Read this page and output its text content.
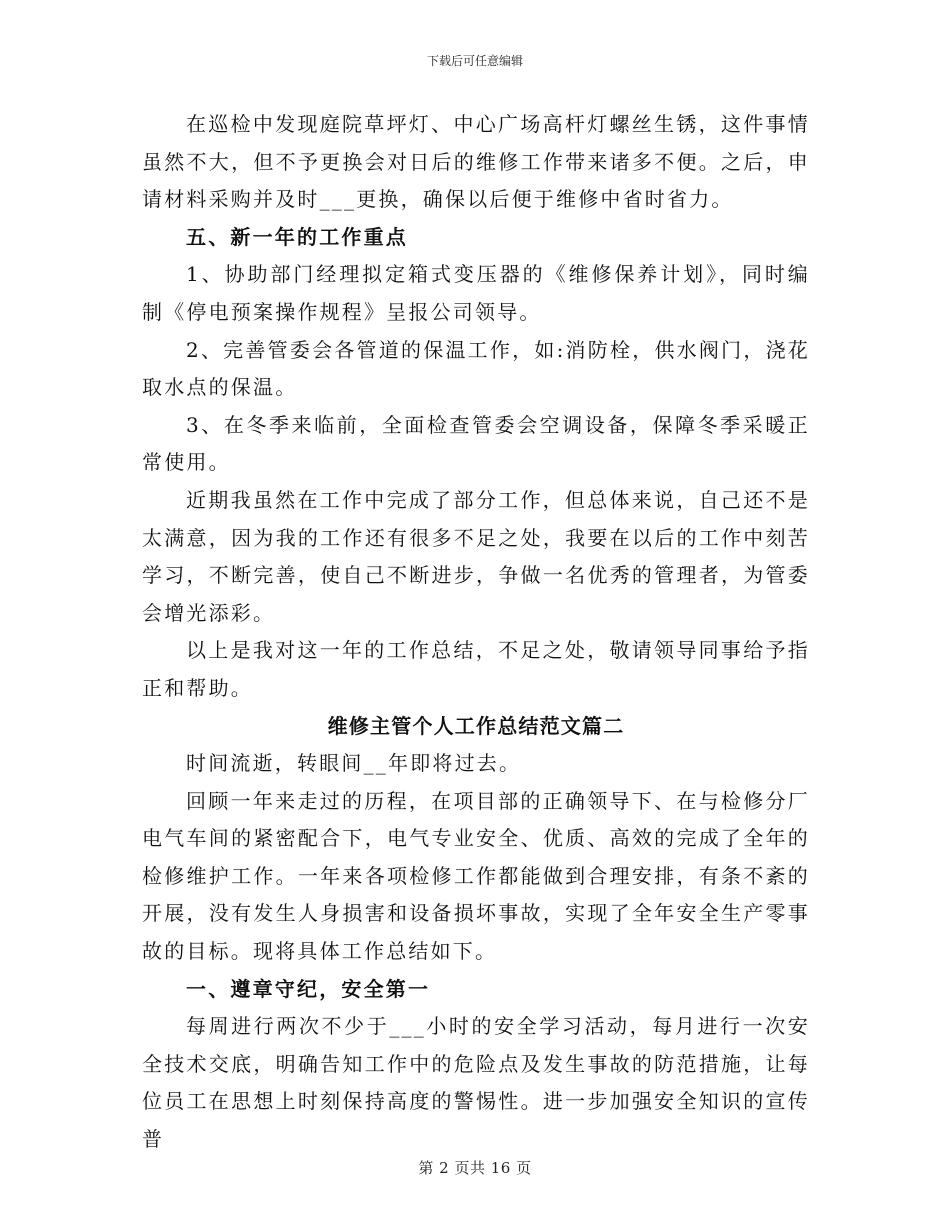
下载后可任意编辑

在巡检中发现庭院草坪灯、中心广场高杆灯螺丝生锈，这件事情虽然不大，但不予更换会对日后的维修工作带来诸多不便。之后，申请材料采购并及时___更换，确保以后便于维修中省时省力。

五、新一年的工作重点

1、协助部门经理拟定箱式变压器的《维修保养计划》，同时编制《停电预案操作规程》呈报公司领导。

2、完善管委会各管道的保温工作，如:消防栓，供水阀门，浇花取水点的保温。

3、在冬季来临前，全面检查管委会空调设备，保障冬季采暖正常使用。

近期我虽然在工作中完成了部分工作，但总体来说，自己还不是太满意，因为我的工作还有很多不足之处，我要在以后的工作中刻苦学习，不断完善，使自己不断进步，争做一名优秀的管理者，为管委会增光添彩。

以上是我对这一年的工作总结，不足之处，敬请领导同事给予指正和帮助。

维修主管个人工作总结范文篇二

时间流逝，转眼间__年即将过去。

回顾一年来走过的历程，在项目部的正确领导下、在与检修分厂电气车间的紧密配合下，电气专业安全、优质、高效的完成了全年的检修维护工作。一年来各项检修工作都能做到合理安排，有条不紊的开展，没有发生人身损害和设备损坏事故，实现了全年安全生产零事故的目标。现将具体工作总结如下。

一、遵章守纪，安全第一

每周进行两次不少于___小时的安全学习活动，每月进行一次安全技术交底，明确告知工作中的危险点及发生事故的防范措施，让每位员工在思想上时刻保持高度的警惕性。进一步加强安全知识的宣传普

第 2 页共 16 页
